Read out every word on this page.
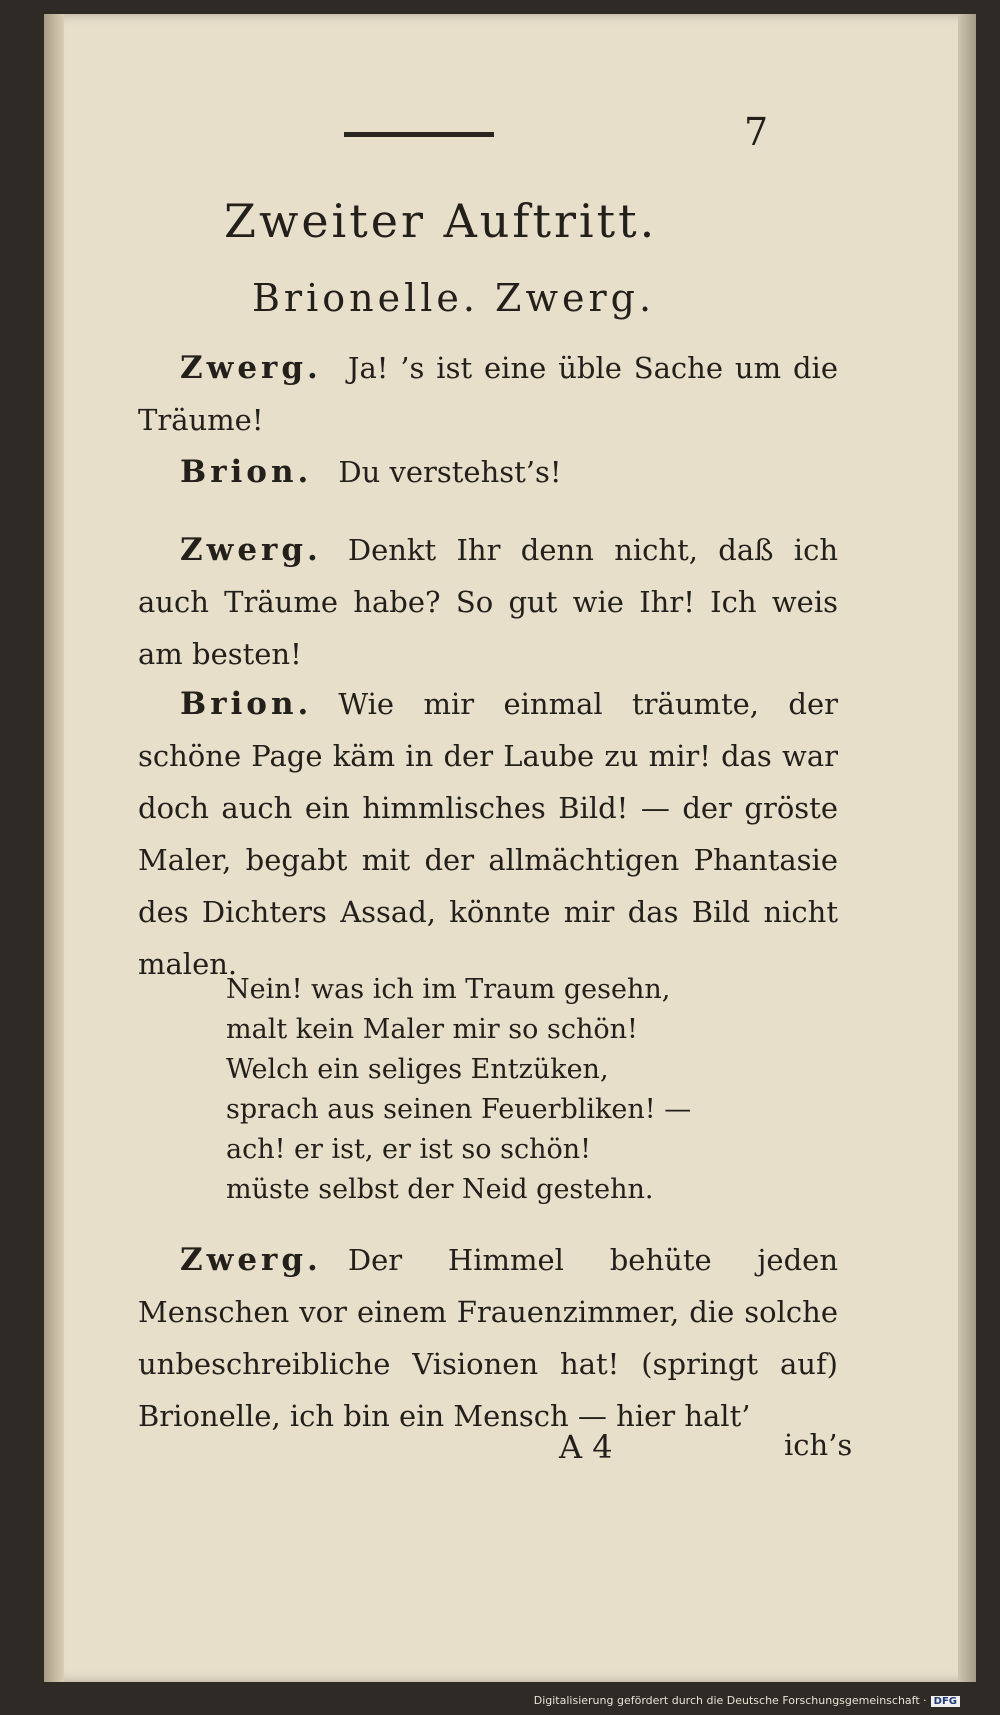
7
Zweiter Auftritt.
Brionelle. Zwerg.
Zwerg. Ja! ’s ist eine üble Sache um die Träume!
Brion. Du verstehst’s!
Zwerg. Denkt Ihr denn nicht, daß ich auch Träume habe? So gut wie Ihr! Ich weis am besten!
Brion. Wie mir einmal träumte, der schöne Page käm in der Laube zu mir! das war doch auch ein himmlisches Bild! — der gröste Maler, begabt mit der allmächtigen Phantasie des Dichters Assad, könnte mir das Bild nicht malen.
Nein! was ich im Traum gesehn,
malt kein Maler mir so schön!
Welch ein seliges Entzüken,
sprach aus seinen Feuerbliken! —
ach! er ist, er ist so schön!
müste selbst der Neid gestehn.
Zwerg. Der Himmel behüte jeden Menschen vor einem Frauenzimmer, die solche unbeschreibliche Visionen hat! (springt auf) Brionelle, ich bin ein Mensch — hier halt’
A 4	ich’s
Digitalisierung gefördert durch die Deutsche Forschungsgemeinschaft · DFG
